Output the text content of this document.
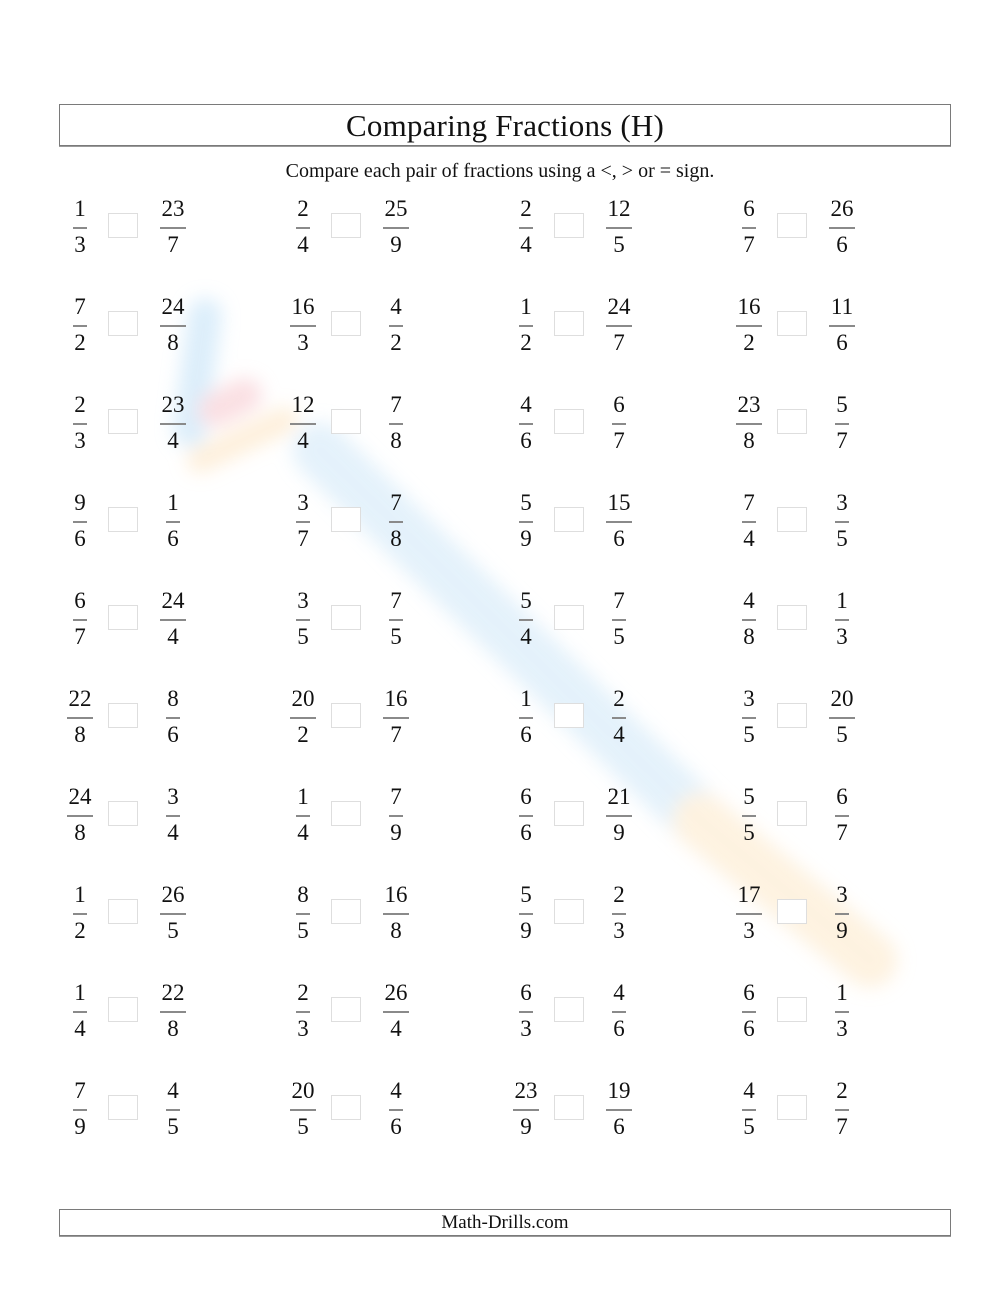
Comparing Fractions (H)
Compare each pair of fractions using a <, > or = sign.
1
3
23
7
2
4
25
9
2
4
12
5
6
7
26
6
7
2
24
8
16
3
4
2
1
2
24
7
16
2
11
6
2
3
23
4
12
4
7
8
4
6
6
7
23
8
5
7
9
6
1
6
3
7
7
8
5
9
15
6
7
4
3
5
6
7
24
4
3
5
7
5
5
4
7
5
4
8
1
3
22
8
8
6
20
2
16
7
1
6
2
4
3
5
20
5
24
8
3
4
1
4
7
9
6
6
21
9
5
5
6
7
1
2
26
5
8
5
16
8
5
9
2
3
17
3
3
9
1
4
22
8
2
3
26
4
6
3
4
6
6
6
1
3
7
9
4
5
20
5
4
6
23
9
19
6
4
5
2
7
Math-Drills.com
